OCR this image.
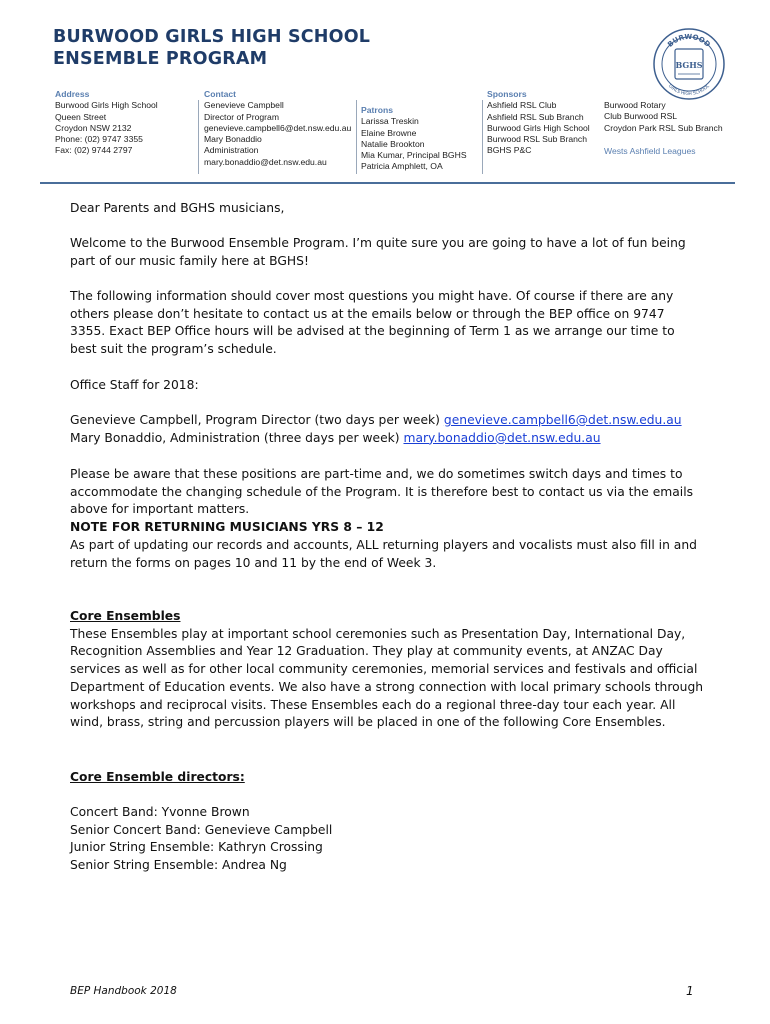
BURWOOD GIRLS HIGH SCHOOL
ENSEMBLE PROGRAM
BURWOOD
GIRLS HIGH SCHOOL
BGHS
Address
Burwood Girls High School
Queen Street
Croydon NSW 2132
Phone: (02) 9747 3355
Fax: (02) 9744 2797
Contact
Genevieve Campbell
Director of Program
genevieve.campbell6@det.nsw.edu.au
Mary Bonaddio
Administration
mary.bonaddio@det.nsw.edu.au
Patrons
Larissa Treskin
Elaine Browne
Natalie Brookton
Mia Kumar, Principal BGHS
Patricia Amphlett, OA
Sponsors
Ashfield RSL Club
Ashfield RSL Sub Branch
Burwood Girls High School
Burwood RSL Sub Branch
BGHS P&C
Burwood Rotary
Club Burwood RSL
Croydon Park RSL Sub Branch
Wests Ashfield Leagues

Dear Parents and BGHS musicians,

Welcome to the Burwood Ensemble Program. I’m quite sure you are going to have a lot of fun being part of our music family here at BGHS!

The following information should cover most questions you might have. Of course if there are any others please don’t hesitate to contact us at the emails below or through the BEP office on 9747 3355. Exact BEP Office hours will be advised at the beginning of Term 1 as we arrange our time to best suit the program’s schedule.

Office Staff for 2018:

Genevieve Campbell, Program Director (two days per week) genevieve.campbell6@det.nsw.edu.au

Mary Bonaddio, Administration (three days per week) mary.bonaddio@det.nsw.edu.au

Please be aware that these positions are part-time and, we do sometimes switch days and times to accommodate the changing schedule of the Program. It is therefore best to contact us via the emails above for important matters.

NOTE FOR RETURNING MUSICIANS YRS 8 – 12

As part of updating our records and accounts, ALL returning players and vocalists must also fill in and return the forms on pages 10 and 11 by the end of Week 3.

Core Ensembles

These Ensembles play at important school ceremonies such as Presentation Day, International Day, Recognition Assemblies and Year 12 Graduation. They play at community events, at ANZAC Day services as well as for other local community ceremonies, memorial services and festivals and official Department of Education events. We also have a strong connection with local primary schools through workshops and reciprocal visits. These Ensembles each do a regional three-day tour each year. All wind, brass, string and percussion players will be placed in one of the following Core Ensembles.

Core Ensemble directors:

Concert Band: Yvonne Brown

Senior Concert Band: Genevieve Campbell

Junior String Ensemble: Kathryn Crossing

Senior String Ensemble: Andrea Ng

BEP Handbook 2018	1
